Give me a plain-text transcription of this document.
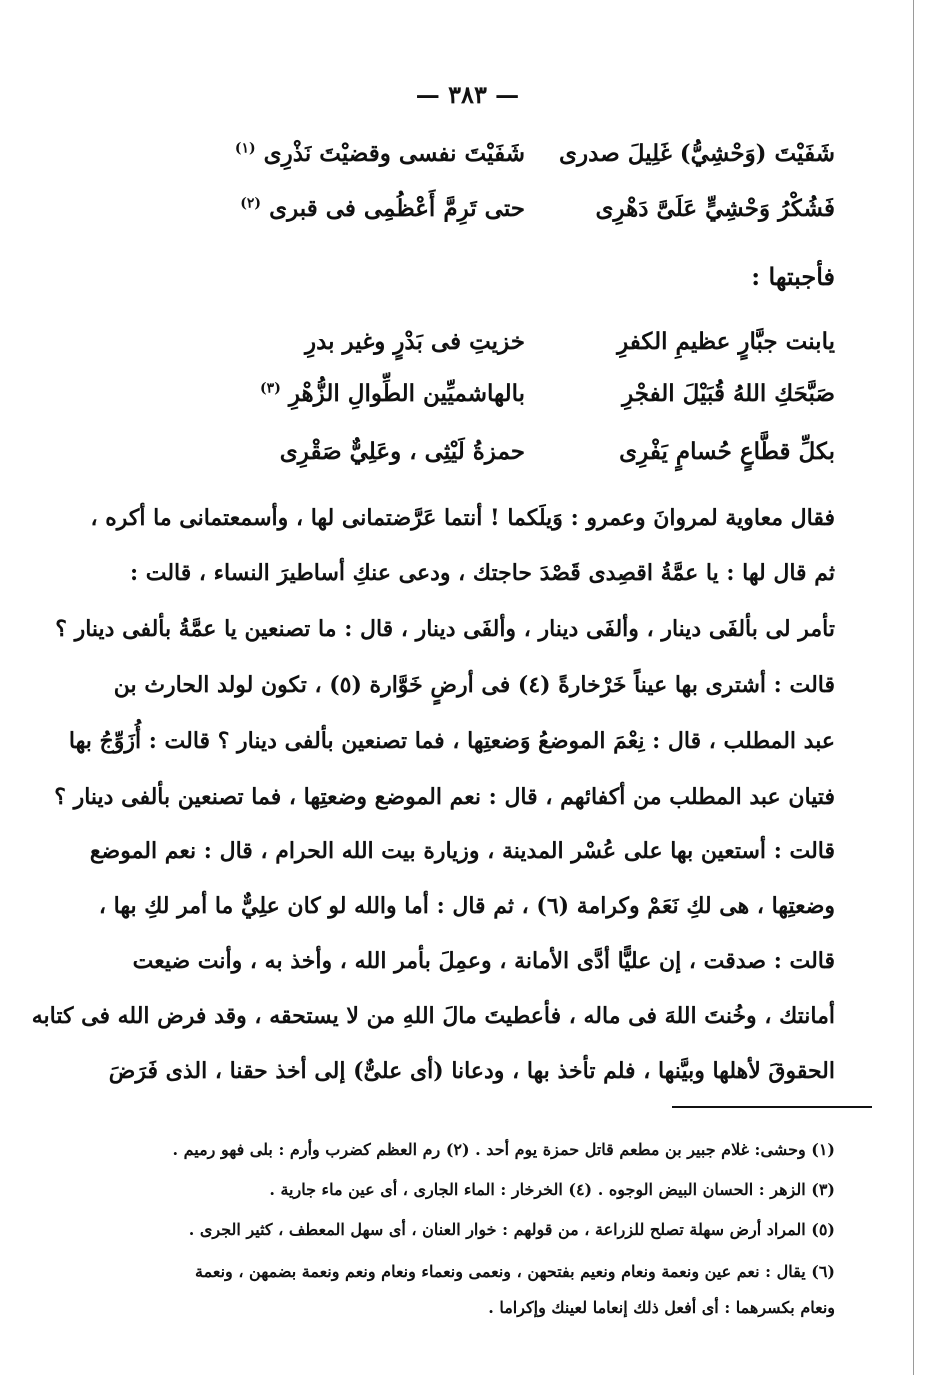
— ٣٨٣ —
شَفَيْتَ (وَحْشِيُّ) غَلِيلَ صدرى
شَفَيْتَ نفسى وقضيْتَ نَذْرِى $^{(١)}$
فَشُكْرُ وَحْشِيٍّ عَلَىَّ دَهْرِى
حتى تَرِمَّ أَعْظُمِى فى قبرى $^{(٢)}$
فأجبتها :
يابنت جبَّارٍ عظيمِ الكفرِ
خزيتِ فى بَدْرٍ وغير بدرِ
صَبَّحَكِ اللهُ قُبَيْلَ الفجْرِ
بالهاشميِّين الطِّوالِ الزُّهْرِ $^{(٣)}$
بكلِّ قطَّاعٍ حُسامٍ يَفْرِى
حمزةُ لَيْثِى ، وعَلِيٌّ صَقْرِى
فقال معاوية لمروانَ وعمرو : وَيلَكما ! أنتما عَرَّضتمانى لها ، وأسمعتمانى ما أكره ،
ثم قال لها : يا عمَّةُ اقصِدى قَصْدَ حاجتك ، ودعى عنكِ أساطيرَ النساء ، قالت :
تأمر لى بألفَى دينار ، وألفَى دينار ، وألفَى دينار ، قال : ما تصنعين يا عمَّةُ بألفى دينار ؟
قالت : أشترى بها عيناً خَرْخارةً (٤) فى أرضٍ خَوَّارة (٥) ، تكون لولد الحارث بن
عبد المطلب ، قال : نِعْمَ الموضعُ وَضعتِها ، فما تصنعين بألفى دينار ؟ قالت : أُزَوِّجُ بها
فتيان عبد المطلب من أكفائهم ، قال : نعم الموضع وضعتِها ، فما تصنعين بألفى دينار ؟
قالت : أستعين بها على عُسْر المدينة ، وزيارة بيت الله الحرام ، قال : نعم الموضع
وضعتِها ، هى لكِ نَعَمْ وكرامة (٦) ، ثم قال : أما والله لو كان علِيٌّ ما أمر لكِ بها ،
قالت : صدقت ، إن عليًّا أدَّى الأمانة ، وعمِلَ بأمر الله ، وأخذ به ، وأنت ضيعت
أمانتك ، وخُنتَ اللهَ فى ماله ، فأعطيتَ مالَ اللهِ من لا يستحقه ، وقد فرض الله فى كتابه
الحقوقَ لأهلها وبيَّنها ، فلم تأخذ بها ، ودعانا (أى علىٌّ) إلى أخذ حقنا ، الذى فَرَضَ
(١) وحشى: غلام جبير بن مطعم قاتل حمزة يوم أحد . (٢) رم العظم كضرب وأرم : بلى فهو رميم .
(٣) الزهر : الحسان البيض الوجوه . (٤) الخرخار : الماء الجارى ، أى عين ماء جارية .
(٥) المراد أرض سهلة تصلح للزراعة ، من قولهم : خوار العنان ، أى سهل المعطف ، كثير الجرى .
(٦) يقال : نعم عين ونعمة ونعام ونعيم بفتحهن ، ونعمى ونعماء ونعام ونعم ونعمة بضمهن ، ونعمة
ونعام بكسرهما : أى أفعل ذلك إنعاما لعينك وإكراما .
